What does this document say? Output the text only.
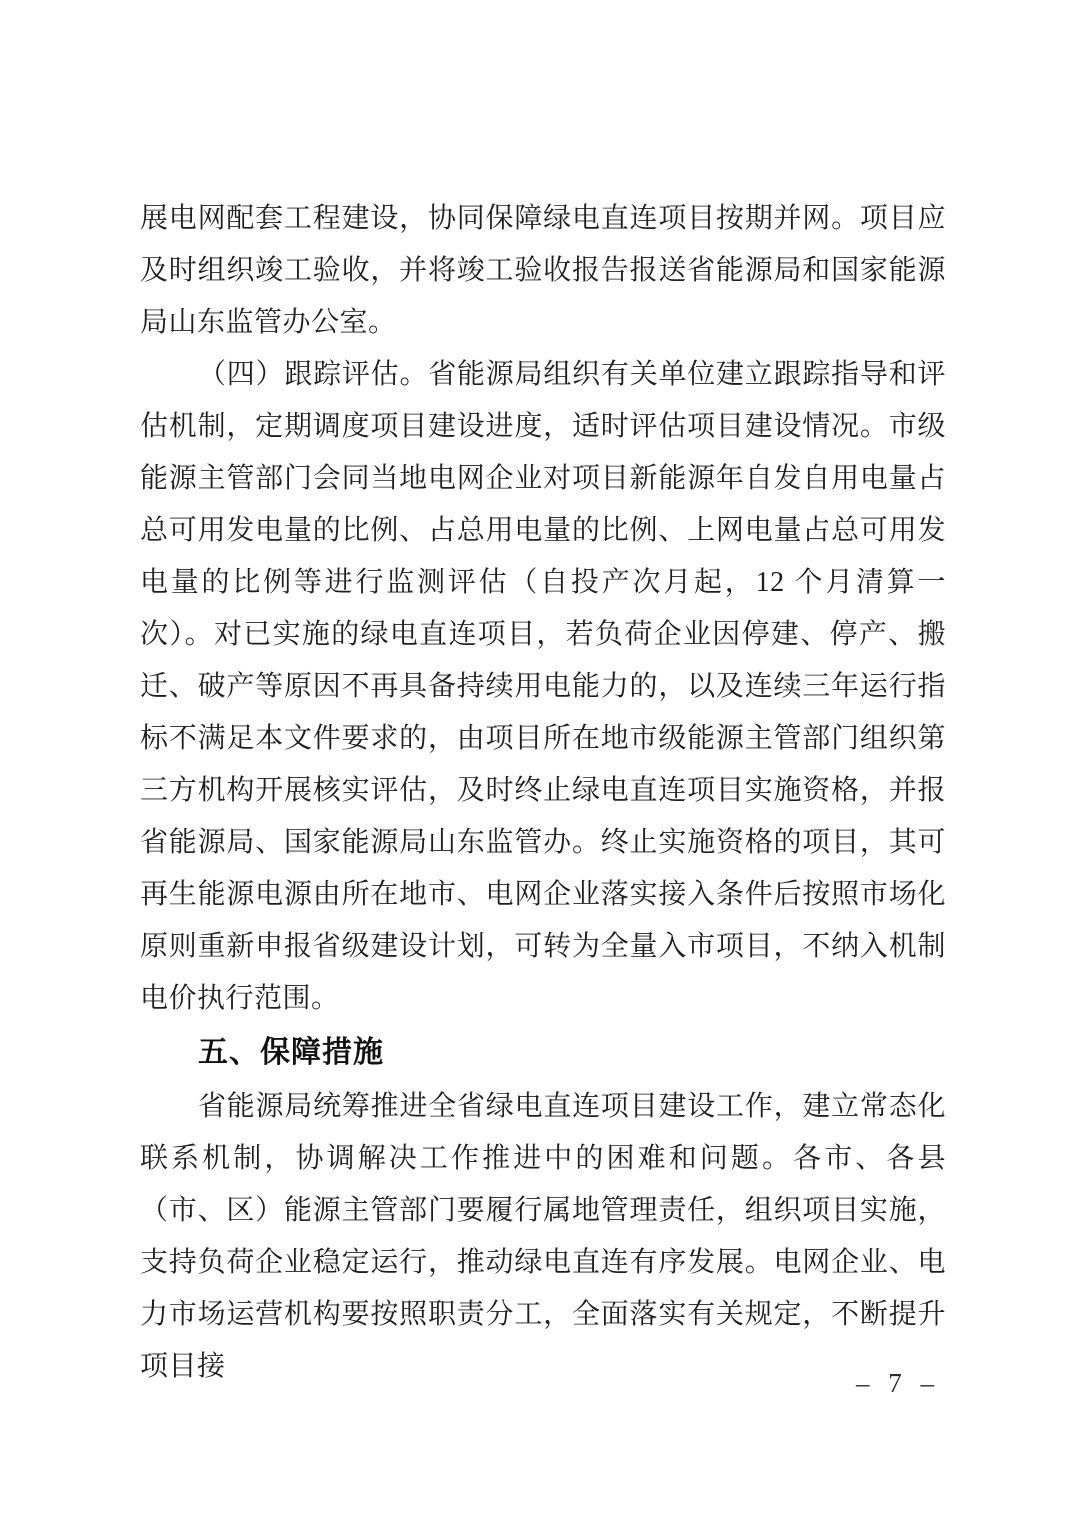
展电网配套工程建设，协同保障绿电直连项目按期并网。项目应及时组织竣工验收，并将竣工验收报告报送省能源局和国家能源局山东监管办公室。

（四）跟踪评估。省能源局组织有关单位建立跟踪指导和评估机制，定期调度项目建设进度，适时评估项目建设情况。市级能源主管部门会同当地电网企业对项目新能源年自发自用电量占总可用发电量的比例、占总用电量的比例、上网电量占总可用发电量的比例等进行监测评估（自投产次月起，12 个月清算一次）。对已实施的绿电直连项目，若负荷企业因停建、停产、搬迁、破产等原因不再具备持续用电能力的，以及连续三年运行指标不满足本文件要求的，由项目所在地市级能源主管部门组织第三方机构开展核实评估，及时终止绿电直连项目实施资格，并报省能源局、国家能源局山东监管办。终止实施资格的项目，其可再生能源电源由所在地市、电网企业落实接入条件后按照市场化原则重新申报省级建设计划，可转为全量入市项目，不纳入机制电价执行范围。

五、保障措施

省能源局统筹推进全省绿电直连项目建设工作，建立常态化联系机制，协调解决工作推进中的困难和问题。各市、各县（市、区）能源主管部门要履行属地管理责任，组织项目实施，支持负荷企业稳定运行，推动绿电直连有序发展。电网企业、电力市场运营机构要按照职责分工，全面落实有关规定，不断提升项目接

– 7 –
